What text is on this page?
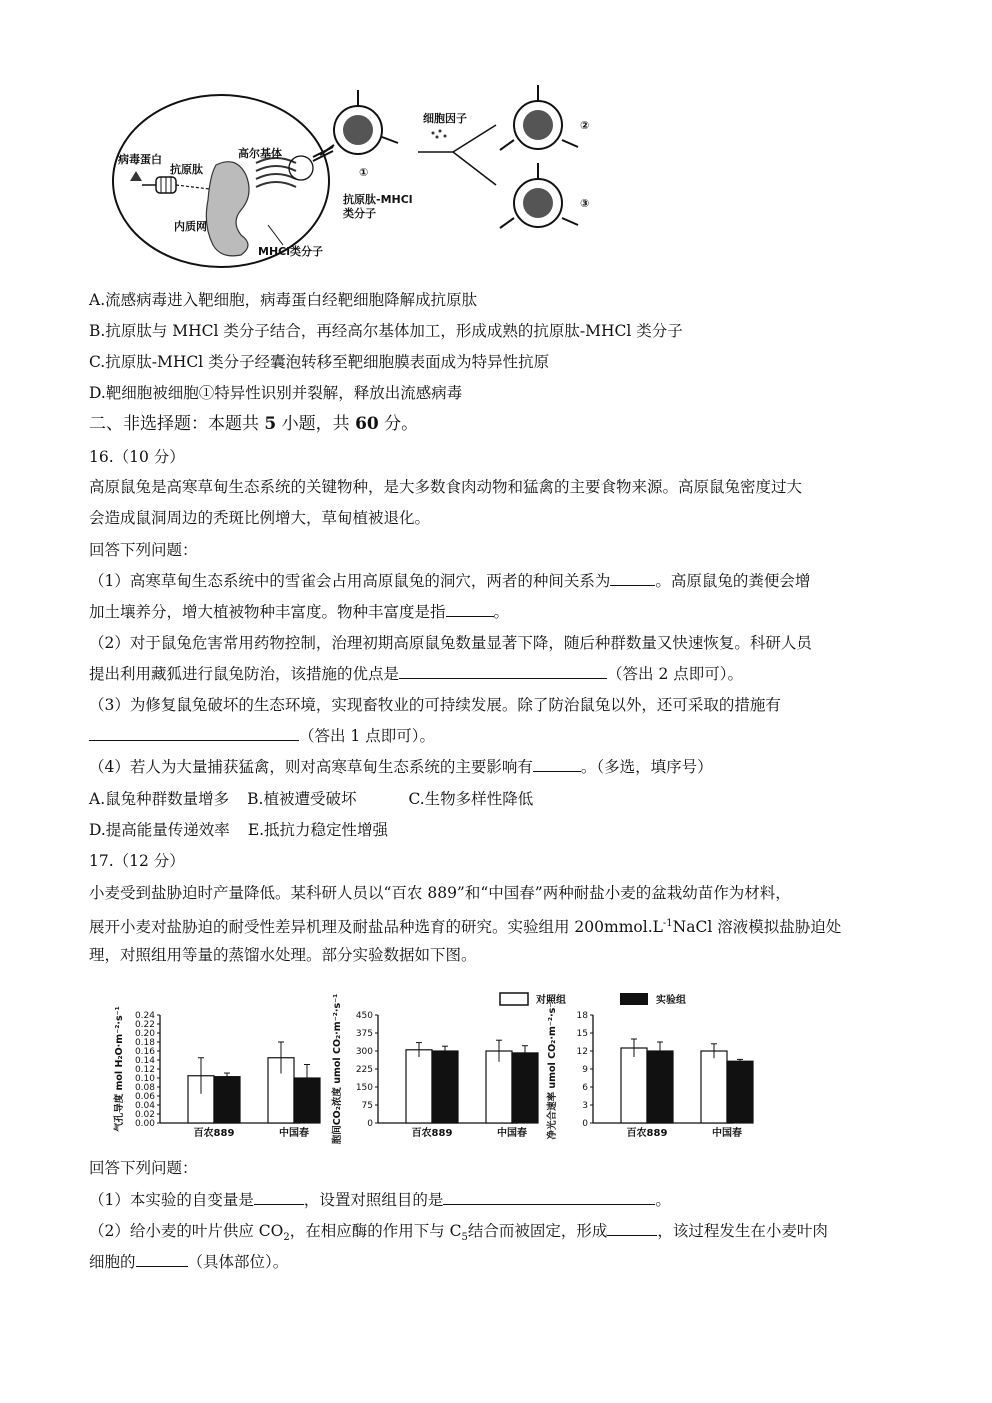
病毒蛋白
抗原肽
内质网
高尔基体
MHCl类分子
抗原肽-MHCl
类分子
①
细胞因子
②
③
A.流感病毒进入靶细胞，病毒蛋白经靶细胞降解成抗原肽
B.抗原肽与 MHCl 类分子结合，再经高尔基体加工，形成成熟的抗原肽-MHCl 类分子
C.抗原肽-MHCl 类分子经囊泡转移至靶细胞膜表面成为特异性抗原
D.靶细胞被细胞①特异性识别并裂解，释放出流感病毒
二、非选择题：本题共 5 小题，共 60 分。
16.（10 分）
高原鼠兔是高寒草甸生态系统的关键物种，是大多数食肉动物和猛禽的主要食物来源。高原鼠兔密度过大
会造成鼠洞周边的秃斑比例增大，草甸植被退化。
回答下列问题：
（1）高寒草甸生态系统中的雪雀会占用高原鼠兔的洞穴，两者的种间关系为	。高原鼠兔的粪便会增
加土壤养分，增大植被物种丰富度。物种丰富度是指	。
（2）对于鼠兔危害常用药物控制，治理初期高原鼠兔数量显著下降，随后种群数量又快速恢复。科研人员
提出利用藏狐进行鼠兔防治，该措施的优点是	（答出 2 点即可）。
（3）为修复鼠兔破坏的生态环境，实现畜牧业的可持续发展。除了防治鼠兔以外，还可采取的措施有
（答出 1 点即可）。
（4）若人为大量捕获猛禽，则对高寒草甸生态系统的主要影响有	。（多选，填序号）
A.鼠兔种群数量增多 B.植被遭受破坏	C.生物多样性降低
D.提高能量传递效率 E.抵抗力稳定性增强
17.（12 分）
小麦受到盐胁迫时产量降低。某科研人员以“百农 889”和“中国春”两种耐盐小麦的盆栽幼苗作为材料，
展开小麦对盐胁迫的耐受性差异机理及耐盐品种选育的研究。实验组用 $200mmol.L^{-1}NaCl$ 溶液模拟盐胁迫处
理，对照组用等量的蒸馏水处理。部分实验数据如下图。
对照组	实验组
0.00
0.02
0.04
0.06
0.08
0.10
0.12
0.14
0.16
0.18
0.20
0.22
0.24
气孔导度 mol H₂O·m⁻²·s⁻¹
百农889	中国春
0
75
150
225
300
375
450
胞间CO₂浓度 umol CO₂·m⁻²·s⁻¹	百农889	中国春
0
3
6
9
12
15
18
净光合速率 umol CO₂·m⁻²·s⁻¹	百农889	中国春
回答下列问题：
（1）本实验的自变量是	，设置对照组目的是	。
（2）给小麦的叶片供应 $CO_2$，在相应酶的作用下与 $C_5$结合而被固定，形成	，该过程发生在小麦叶肉
细胞的	（具体部位）。
